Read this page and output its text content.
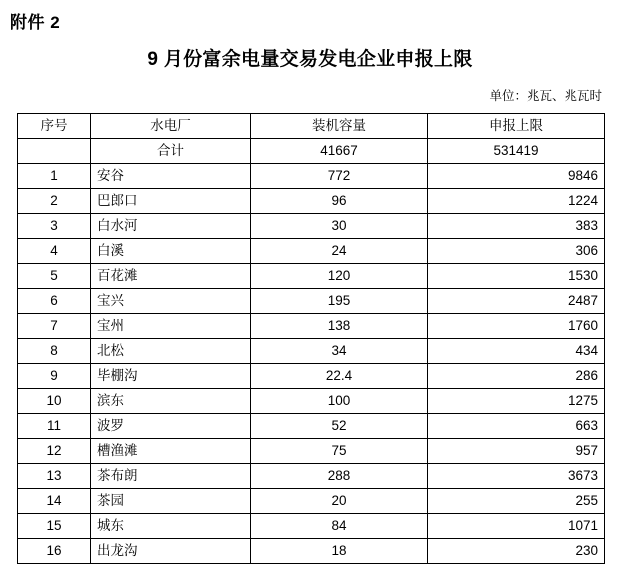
附件 2
9 月份富余电量交易发电企业申报上限
单位：兆瓦、兆瓦时
序号	水电厂	装机容量	申报上限
	合计	41667	531419
1	安谷	772	9846
2	巴郎口	96	1224
3	白水河	30	383
4	白溪	24	306
5	百花滩	120	1530
6	宝兴	195	2487
7	宝州	138	1760
8	北松	34	434
9	毕棚沟	22.4	286
10	滨东	100	1275
11	波罗	52	663
12	槽渔滩	75	957
13	茶布朗	288	3673
14	茶园	20	255
15	城东	84	1071
16	出龙沟	18	230
